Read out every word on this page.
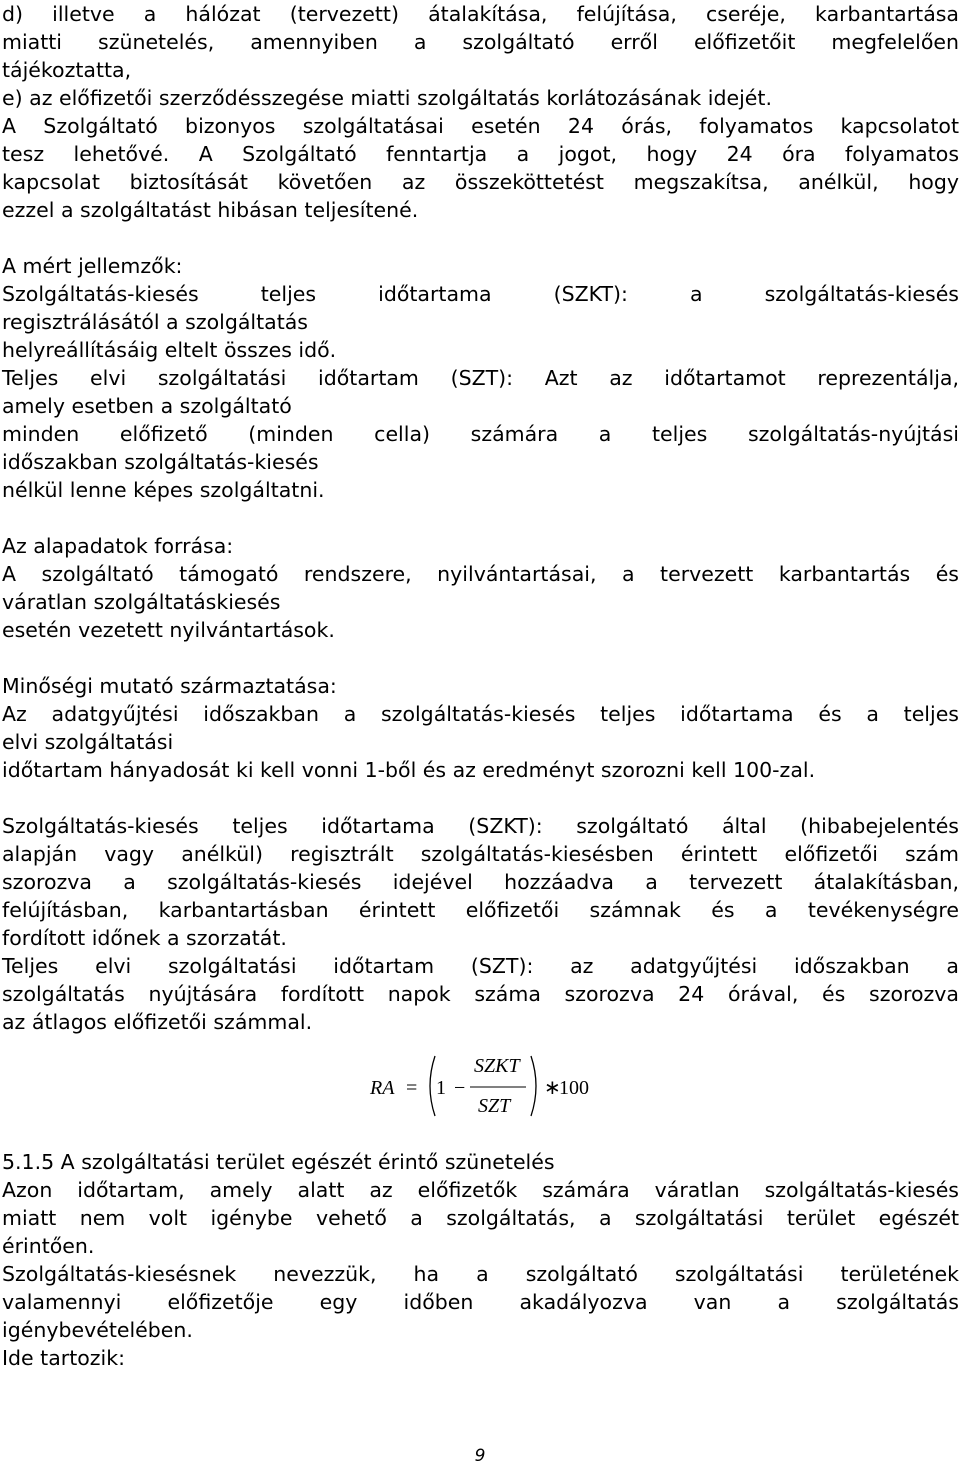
d) illetve a hálózat (tervezett) átalakítása, felújítása, cseréje, karbantartása

miatti szünetelés, amennyiben a szolgáltató erről előfizetőit megfelelően

tájékoztatta,

e) az előfizetői szerződésszegése miatti szolgáltatás korlátozásának idejét.

A Szolgáltató bizonyos szolgáltatásai esetén 24 órás, folyamatos kapcsolatot

tesz lehetővé. A Szolgáltató fenntartja a jogot, hogy 24 óra folyamatos

kapcsolat biztosítását követően az összeköttetést megszakítsa, anélkül, hogy

ezzel a szolgáltatást hibásan teljesítené.

A mért jellemzők:

Szolgáltatás-kiesés teljes időtartama (SZKT): a szolgáltatás-kiesés

regisztrálásától a szolgáltatás

helyreállításáig eltelt összes idő.

Teljes elvi szolgáltatási időtartam (SZT): Azt az időtartamot reprezentálja,

amely esetben a szolgáltató

minden előfizető (minden cella) számára a teljes szolgáltatás-nyújtási

időszakban szolgáltatás-kiesés

nélkül lenne képes szolgáltatni.

Az alapadatok forrása:

A szolgáltató támogató rendszere, nyilvántartásai, a tervezett karbantartás és

váratlan szolgáltatáskiesés

esetén vezetett nyilvántartások.

Minőségi mutató származtatása:

Az adatgyűjtési időszakban a szolgáltatás-kiesés teljes időtartama és a teljes

elvi szolgáltatási

időtartam hányadosát ki kell vonni 1-ből és az eredményt szorozni kell 100-zal.

Szolgáltatás-kiesés teljes időtartama (SZKT): szolgáltató által (hibabejelentés

alapján vagy anélkül) regisztrált szolgáltatás-kiesésben érintett előfizetői szám

szorozva a szolgáltatás-kiesés idejével hozzáadva a tervezett átalakításban,

felújításban, karbantartásban érintett előfizetői számnak és a tevékenységre

fordított időnek a szorzatát.

Teljes elvi szolgáltatási időtartam (SZT): az adatgyűjtési időszakban a

szolgáltatás nyújtására fordított napok száma szorozva 24 órával, és szorozva

az átlagos előfizetői számmal.

RA = 1 −
SZKT
SZT
∗
100

5.1.5 A szolgáltatási terület egészét érintő szünetelés

Azon időtartam, amely alatt az előfizetők számára váratlan szolgáltatás-kiesés

miatt nem volt igénybe vehető a szolgáltatás, a szolgáltatási terület egészét

érintően.

Szolgáltatás-kiesésnek nevezzük, ha a szolgáltató szolgáltatási területének

valamennyi előfizetője egy időben akadályozva van a szolgáltatás

igénybevételében.

Ide tartozik:

9
